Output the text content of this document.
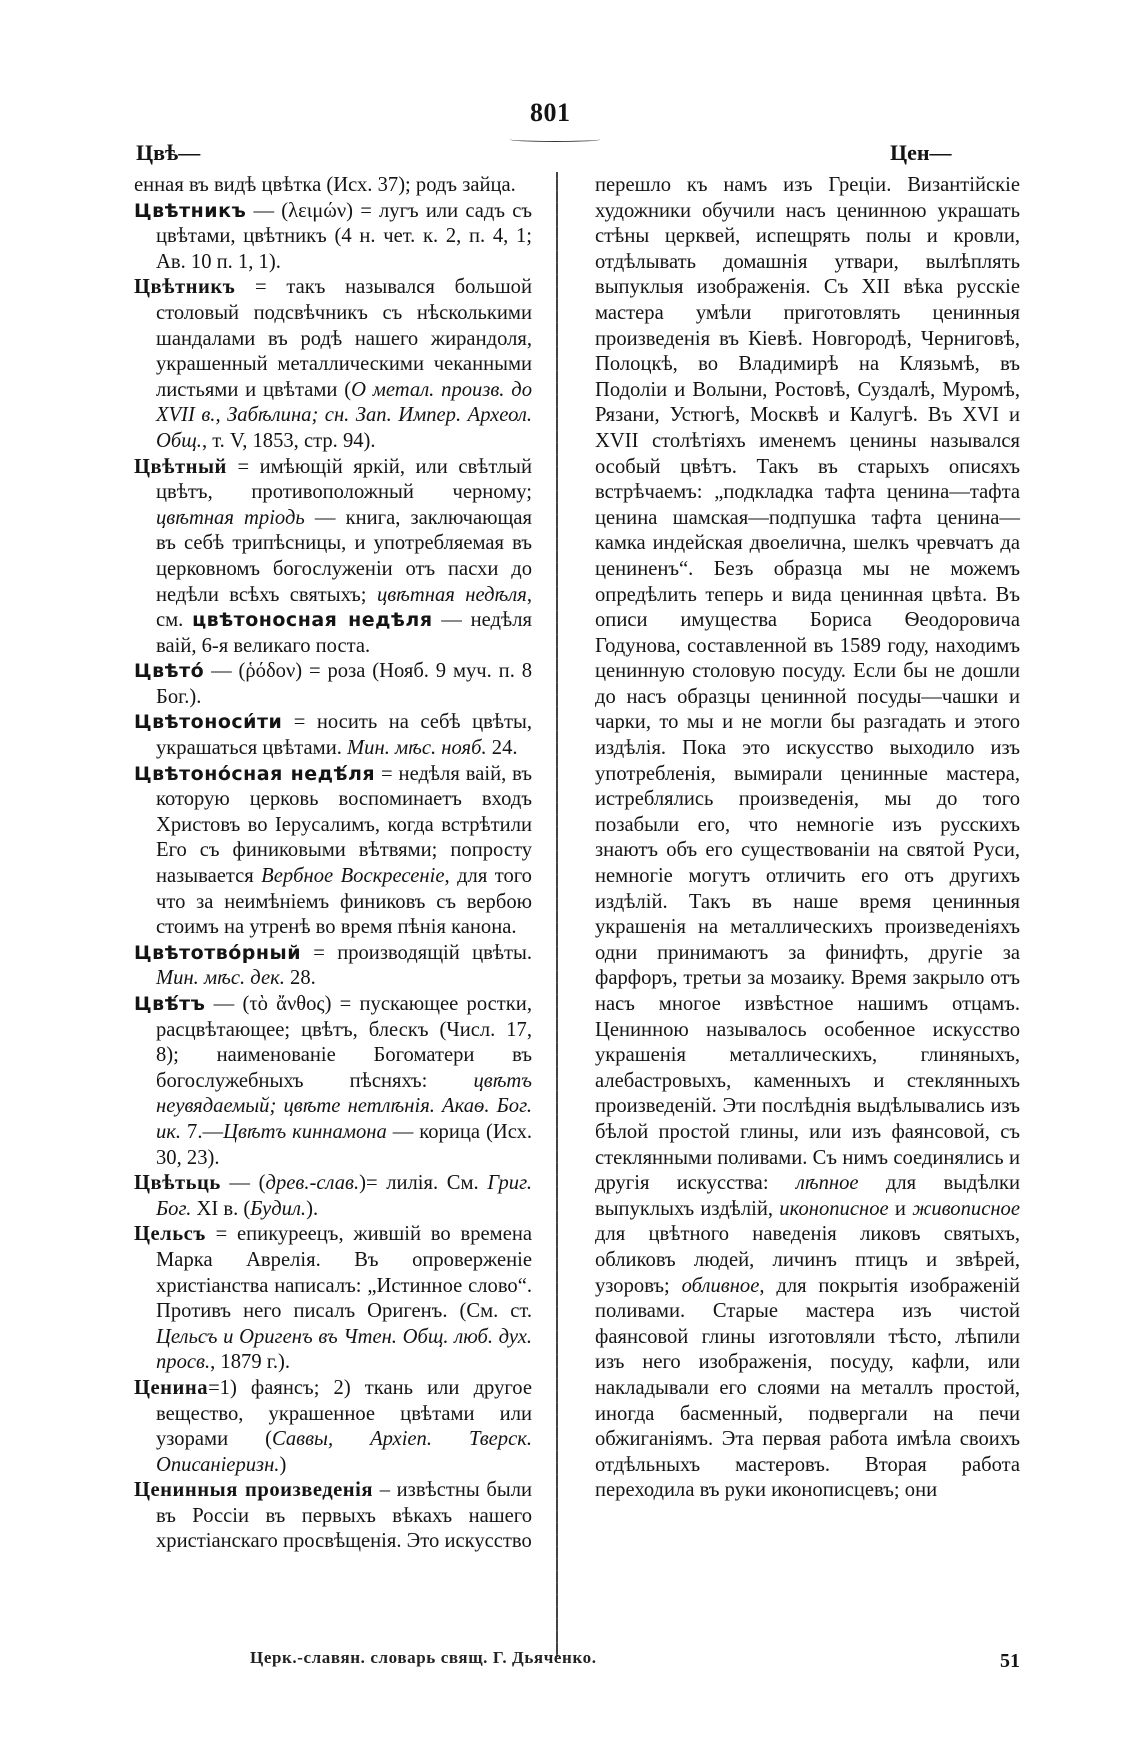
801
Цвѣ—	Цен—

енная въ видѣ цвѣтка (Исх. 37); родъ зайца.

Цвѣтникъ — (λειμών) = лугъ или садъ съ цвѣтами, цвѣтникъ (4 н. чет. к. 2, п. 4, 1; Ав. 10 п. 1, 1).

Цвѣтникъ = такъ назывался большой столовый подсвѣчникъ съ нѣсколькими шандалами въ родѣ нашего жирандоля, украшенный металлическими чеканными листьями и цвѣтами (О метал. произв. до XVII в., Забѣлина; сн. Зап. Импер. Археол. Общ., т. V, 1853, стр. 94).

Цвѣтный = имѣющій яркій, или свѣтлый цвѣтъ, противоположный черному; цвѣтная тріодь — книга, заключающая въ себѣ трипѣсницы, и употребляемая въ церковномъ богослуженіи отъ пасхи до недѣли всѣхъ святыхъ; цвѣтная недѣля, см. цвѣтоносная недѣля — недѣля ваій, 6-я великаго поста.

Цвѣто́ — (ῥόδον) = роза (Нояб. 9 муч. п. 8 Бог.).

Цвѣтоноси́ти = носить на себѣ цвѣты, украшаться цвѣтами. Мин. мѣс. нояб. 24.

Цвѣтоно́сная недѣ́ля = недѣля ваій, въ которую церковь воспоминаетъ входъ Христовъ во Іерусалимъ, когда встрѣтили Его съ финиковыми вѣтвями; попросту называется Вербное Воскресеніе, для того что за неимѣніемъ финиковъ съ вербою стоимъ на утренѣ во время пѣнія канона.

Цвѣтотво́рный = производящій цвѣты. Мин. мѣс. дек. 28.

Цвѣ́тъ — (τὸ ἄνθος) = пускающее ростки, расцвѣтающее; цвѣтъ, блескъ (Числ. 17, 8); наименованіе Богоматери въ богослужебныхъ пѣсняхъ: цвѣтъ неувядаемый; цвѣте нетлѣнія. Акаѳ. Бог. ик. 7.—Цвѣтъ киннамона — корица (Исх. 30, 23).

Цвѣтьць — (древ.-слав.)= лилія. См. Григ. Бог. XI в. (Будил.).

Цельсъ = епикуреецъ, жившій во времена Марка Аврелія. Въ опроверженіе христіанства написалъ: „Истинное слово“. Противъ него писалъ Оригенъ. (См. ст. Цельсъ и Оригенъ въ Чтен. Общ. люб. дух. просв., 1879 г.).

Ценина=1) фаянсъ; 2) ткань или другое вещество, украшенное цвѣтами или узорами (Саввы, Архіеп. Тверск. Описаніеризн.)

Ценинныя произведенія – извѣстны были въ Россіи въ первыхъ вѣкахъ нашего христіанскаго просвѣщенія. Это искусство

перешло къ намъ изъ Греціи. Византійскіе художники обучили насъ ценинною украшать стѣны церквей, испещрять полы и кровли, отдѣлывать домашнія утвари, вылѣплять выпуклыя изображенія. Съ XII вѣка русскіе мастера умѣли приготовлять ценинныя произведенія въ Кіевѣ. Новгородѣ, Черниговѣ, Полоцкѣ, во Владимирѣ на Клязьмѣ, въ Подоліи и Волыни, Ростовѣ, Суздалѣ, Муромѣ, Рязани, Устюгѣ, Москвѣ и Калугѣ. Въ XVI и XVII столѣтіяхъ именемъ ценины назывался особый цвѣтъ. Такъ въ старыхъ описяхъ встрѣчаемъ: „подкладка тафта ценина—тафта ценина шамская—подпушка тафта ценина—камка индейская двоелична, шелкъ чревчатъ да цениненъ“. Безъ образца мы не можемъ опредѣлить теперь и вида ценинная цвѣта. Въ описи имущества Бориса Ѳеодоровича Годунова, составленной въ 1589 году, находимъ ценинную столовую посуду. Если бы не дошли до насъ образцы ценинной посуды—чашки и чарки, то мы и не могли бы разгадать и этого издѣлія. Пока это искусство выходило изъ употребленія, вымирали ценинные мастера, истреблялись произведенія, мы до того позабыли его, что немногіе изъ русскихъ знаютъ объ его существованіи на святой Руси, немногіе могутъ отличить его отъ другихъ издѣлій. Такъ въ наше время ценинныя украшенія на металлическихъ произведеніяхъ одни принимаютъ за финифть, другіе за фарфоръ, третьи за мозаику. Время закрыло отъ насъ многое извѣстное нашимъ отцамъ. Ценинною называлось особенное искусство украшенія металлическихъ, глиняныхъ, алебастровыхъ, каменныхъ и стеклянныхъ произведеній. Эти послѣднія выдѣлывались изъ бѣлой простой глины, или изъ фаянсовой, съ стеклянными поливами. Съ нимъ соединялись и другія искусства: лѣпное для выдѣлки выпуклыхъ издѣлій, иконописное и живописное для цвѣтного наведенія ликовъ святыхъ, обликовъ людей, личинъ птицъ и звѣрей, узоровъ; обливное, для покрытія изображеній поливами. Старые мастера изъ чистой фаянсовой глины изготовляли тѣсто, лѣпили изъ него изображенія, посуду, кафли, или накладывали его слоями на металлъ простой, иногда басменный, подвергали на печи обжиганіямъ. Эта первая работа имѣла своихъ отдѣльныхъ мастеровъ. Вторая работа переходила въ руки иконописцевъ; они

Церк.-славян. словарь свящ. Г. Дьяченко.	51
